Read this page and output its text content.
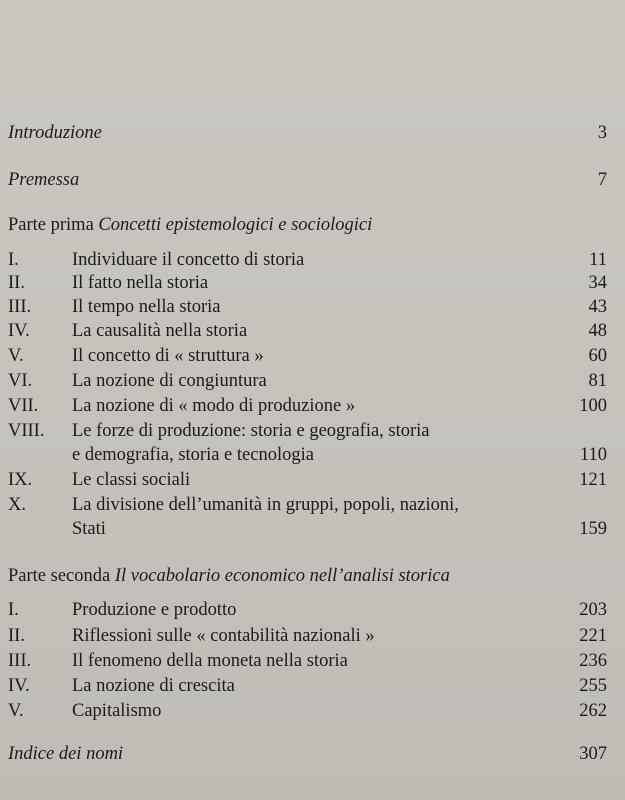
Introduzione	3
Premessa	7
Parte prima Concetti epistemologici e sociologici
I.	Individuare il concetto di storia	11
II.	Il fatto nella storia	34
III. Il tempo nella storia	43
IV. La causalità nella storia	48
V.	Il concetto di « struttura »	60
VI. La nozione di congiuntura	81
VII. La nozione di « modo di produzione »	100
VIII. Le forze di produzione: storia e geografia, storia
e demografia, storia e tecnologia	110
IX. Le classi sociali	121
X. La divisione dell’umanità in gruppi, popoli, nazioni,
Stati	159
Parte seconda Il vocabolario economico nell’analisi storica
I.	Produzione e prodotto	203
II.	Riflessioni sulle « contabilità nazionali »	221
III. Il fenomeno della moneta nella storia	236
IV. La nozione di crescita	255
V.	Capitalismo	262
Indice dei nomi	307
